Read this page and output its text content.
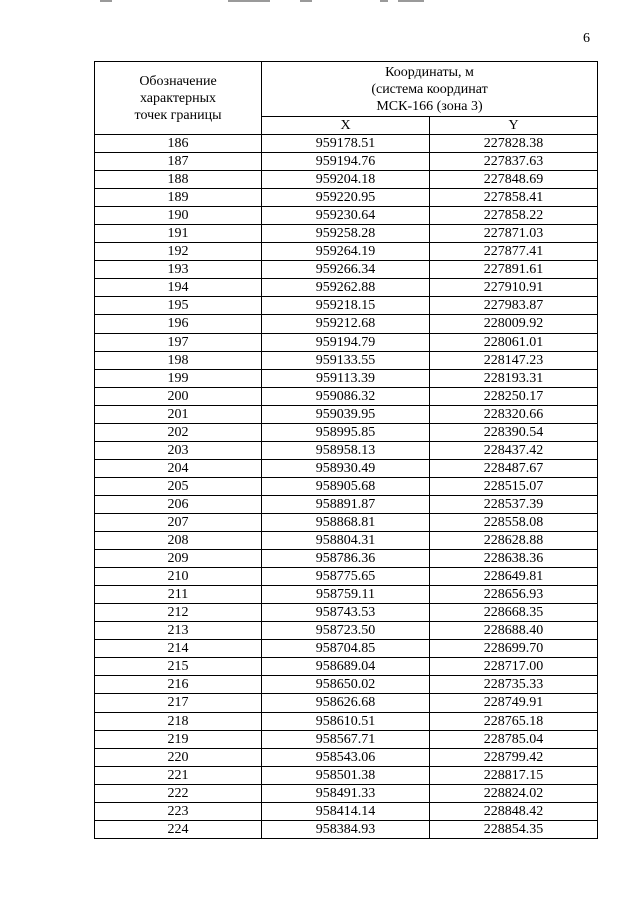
6
Обозначение
характерных
точек границы	Координаты, м
(система координат
МСК-166 (зона 3)	

	X	Y
186	959178.51	227828.38
187	959194.76	227837.63
188	959204.18	227848.69
189	959220.95	227858.41
190	959230.64	227858.22
191	959258.28	227871.03
192	959264.19	227877.41
193	959266.34	227891.61
194	959262.88	227910.91
195	959218.15	227983.87
196	959212.68	228009.92
197	959194.79	228061.01
198	959133.55	228147.23
199	959113.39	228193.31
200	959086.32	228250.17
201	959039.95	228320.66
202	958995.85	228390.54
203	958958.13	228437.42
204	958930.49	228487.67
205	958905.68	228515.07
206	958891.87	228537.39
207	958868.81	228558.08
208	958804.31	228628.88
209	958786.36	228638.36
210	958775.65	228649.81
211	958759.11	228656.93
212	958743.53	228668.35
213	958723.50	228688.40
214	958704.85	228699.70
215	958689.04	228717.00
216	958650.02	228735.33
217	958626.68	228749.91
218	958610.51	228765.18
219	958567.71	228785.04
220	958543.06	228799.42
221	958501.38	228817.15
222	958491.33	228824.02
223	958414.14	228848.42
224	958384.93	228854.35
